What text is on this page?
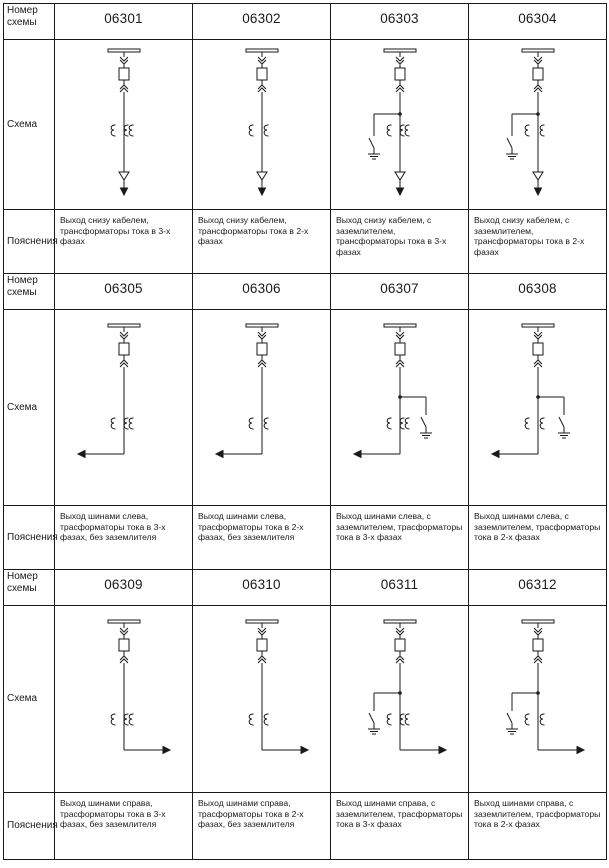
Номер схемы	06301	06302	06303	06304
Схема	

Пояснения	Выход снизу кабелем, трансформаторы тока в 3-х фазах	Выход снизу кабелем, трансформаторы тока в 2-х фазах	Выход снизу кабелем, с заземлителем, трансформаторы тока в 3-х фазах	Выход снизу кабелем, с заземлителем, трансформаторы тока в 2-х фазах
Номер схемы	06305	06306	06307	06308
Схема	

Пояснения	Выход шинами слева, трасформаторы тока в 3-х фазах, без заземлителя	Выход шинами слева, трасформаторы тока в 2-х фазах, без заземлителя	Выход шинами слева, с заземлителем, трасформаторы тока в 3-х фазах	Выход шинами слева, с заземлителем, трасформаторы тока в 2-х фазах
Номер схемы	06309	06310	06311	06312
Схема	

Пояснения	Выход шинами справа, трасформаторы тока в 3-х фазах, без заземлителя	Выход шинами справа, трасформаторы тока в 2-х фазах, без заземлителя	Выход шинами справа, с заземлителем, трасформаторы тока в 3-х фазах	Выход шинами справа, с заземлителем, трасформаторы тока в 2-х фазах
